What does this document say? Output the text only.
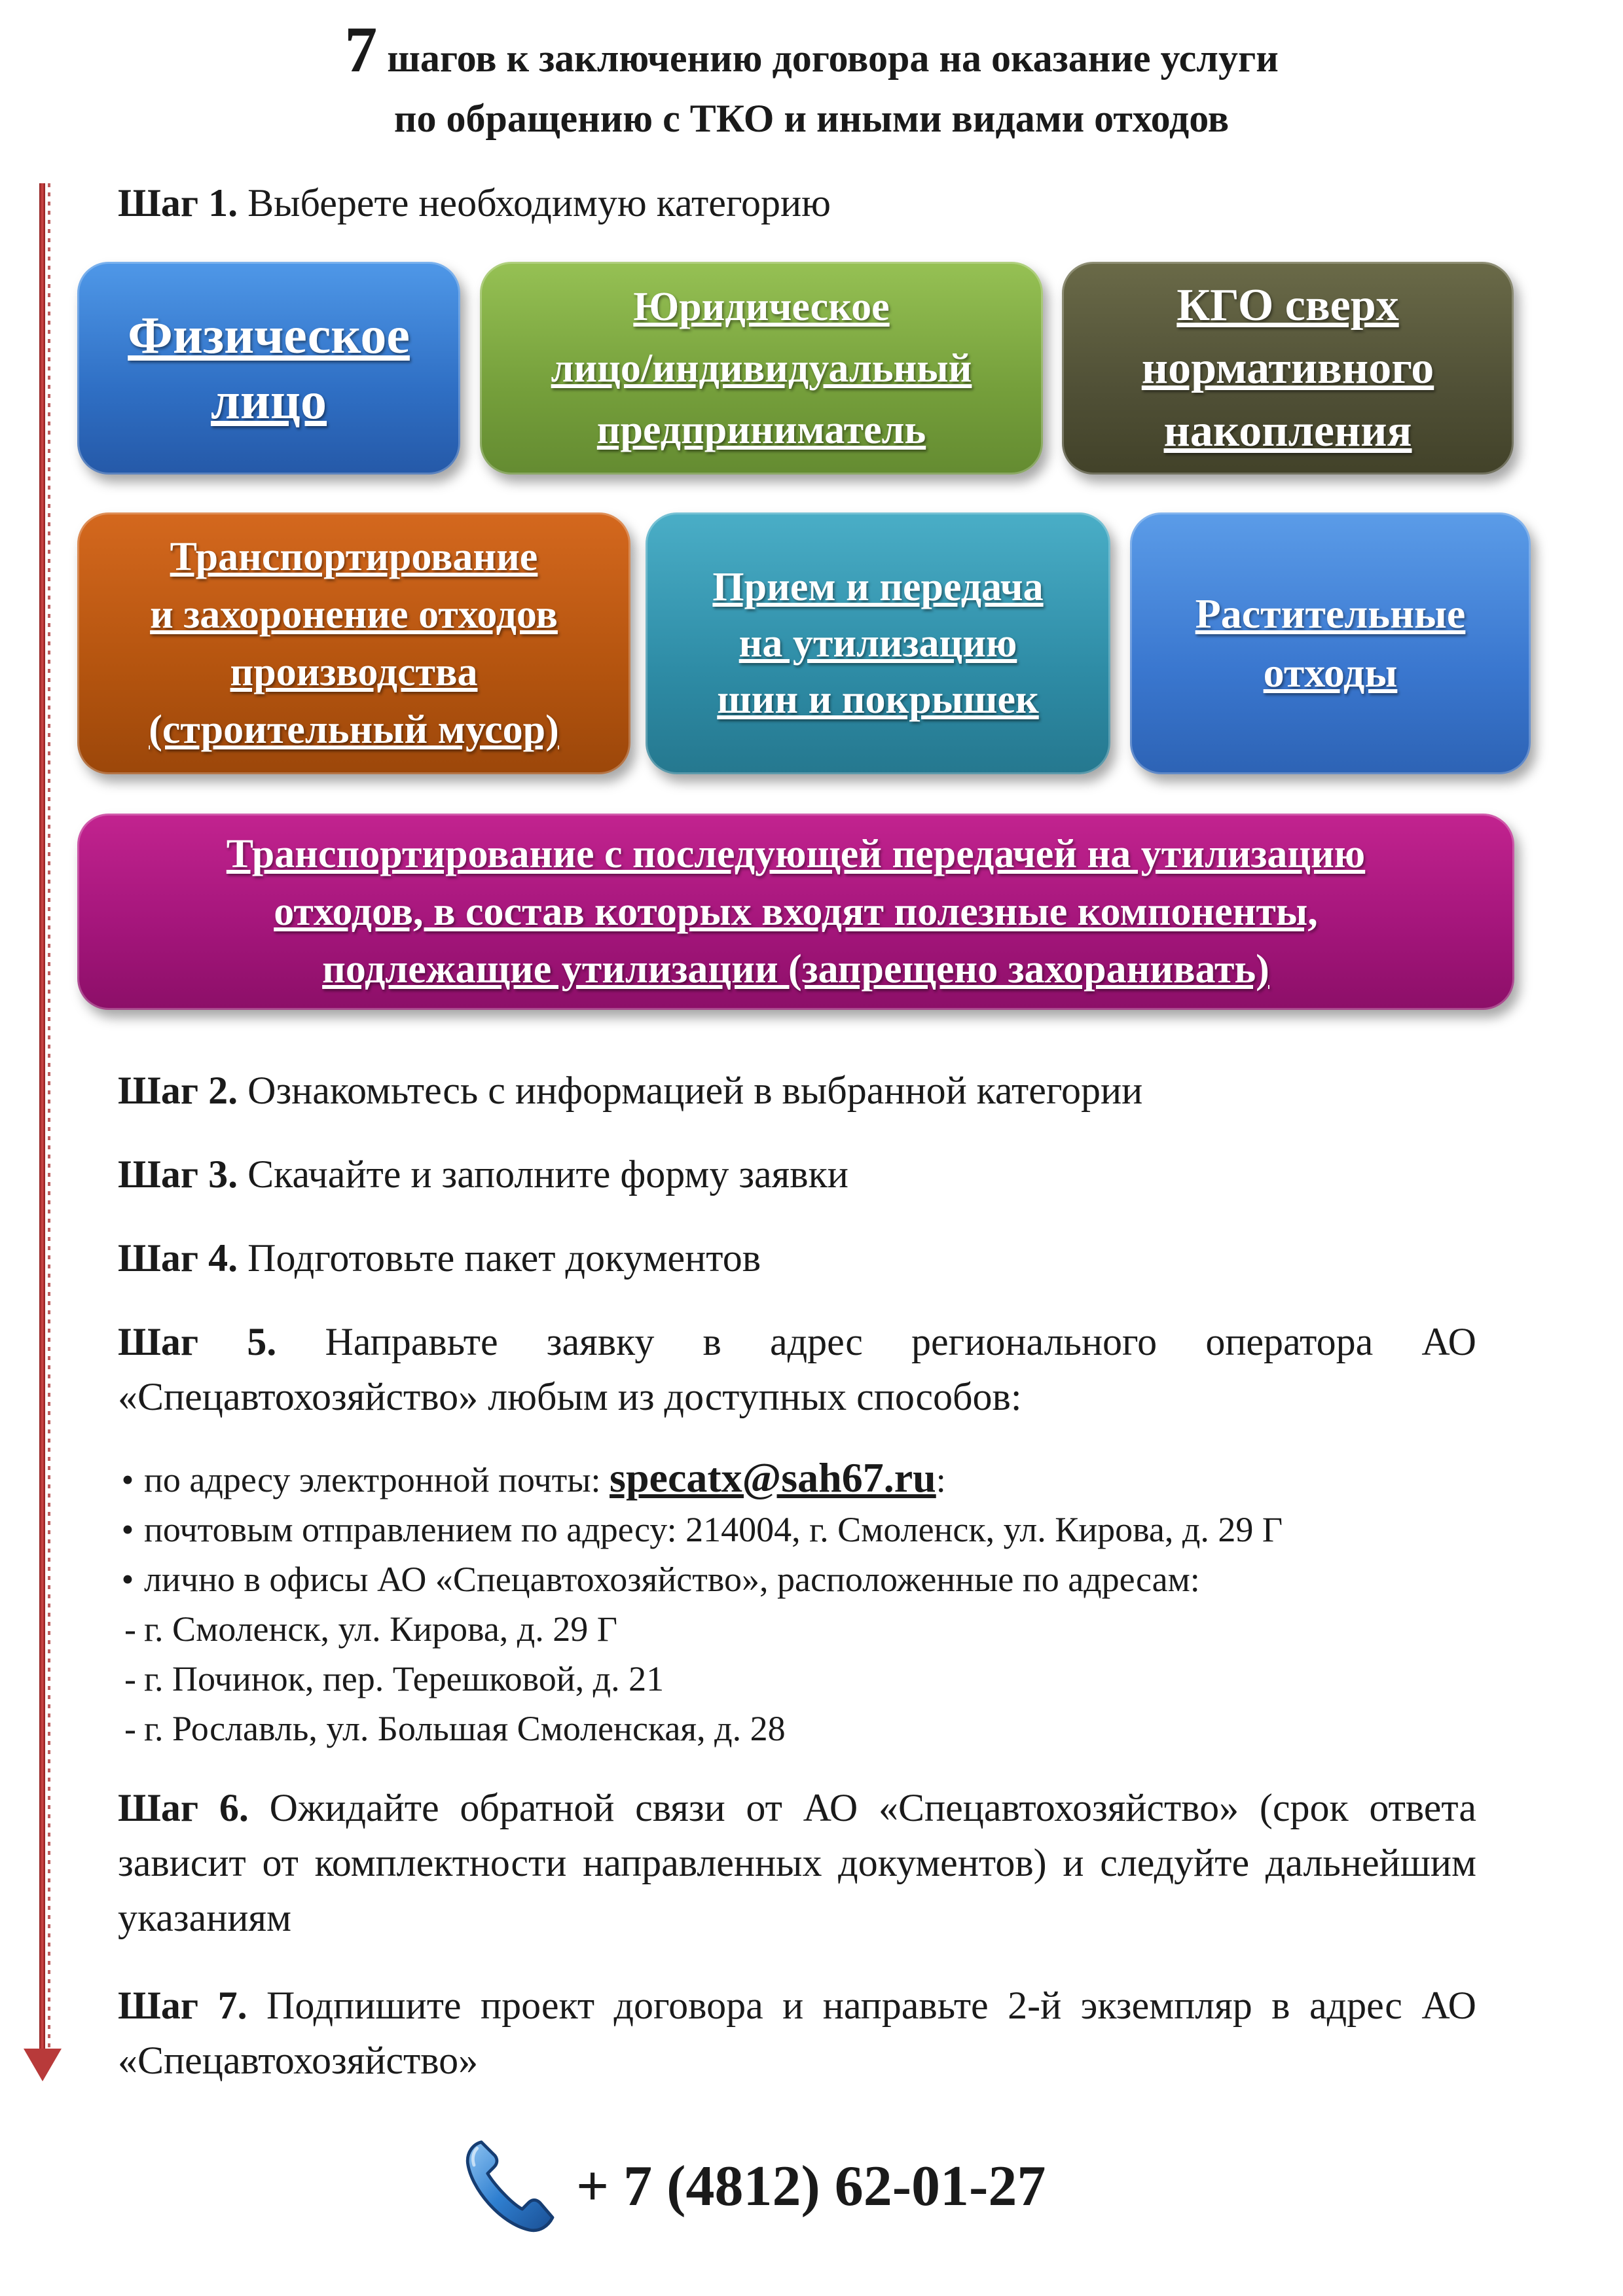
7 шагов к заключению договора на оказание услуги
по обращению с ТКО и иными видами отходов
Шаг 1. Выберете необходимую категорию
Физическое
лицо
Юридическое
лицо/индивидуальный
предприниматель
КГО сверх
нормативного
накопления
Транспортирование
и захоронение отходов
производства
(строительный мусор)
Прием и передача
на утилизацию
шин и покрышек
Растительные
отходы
Транспортирование с последующей передачей на утилизацию
отходов, в состав которых входят полезные компоненты,
подлежащие утилизации (запрещено захоранивать)
Шаг 2. Ознакомьтесь с информацией в выбранной категории
Шаг 3. Скачайте и заполните форму заявки
Шаг 4. Подготовьте пакет документов
Шаг 5. Направьте заявку в адрес регионального оператора АО «Спецавтохозяйство» любым из доступных способов:
• по адресу электронной почты: specatx@sah67.ru:
• почтовым отправлением по адресу: 214004, г. Смоленск, ул. Кирова, д. 29 Г
• лично в офисы АО «Спецавтохозяйство», расположенные по адресам:
- г. Смоленск, ул. Кирова, д. 29 Г
- г. Починок, пер. Терешковой, д. 21
- г. Рославль, ул. Большая Смоленская, д. 28
Шаг 6. Ожидайте обратной связи от АО «Спецавтохозяйство» (срок ответа зависит от комплектности направленных документов) и следуйте дальнейшим указаниям
Шаг 7. Подпишите проект договора и направьте 2-й экземпляр в адрес АО «Спецавтохозяйство»
+ 7 (4812) 62-01-27
